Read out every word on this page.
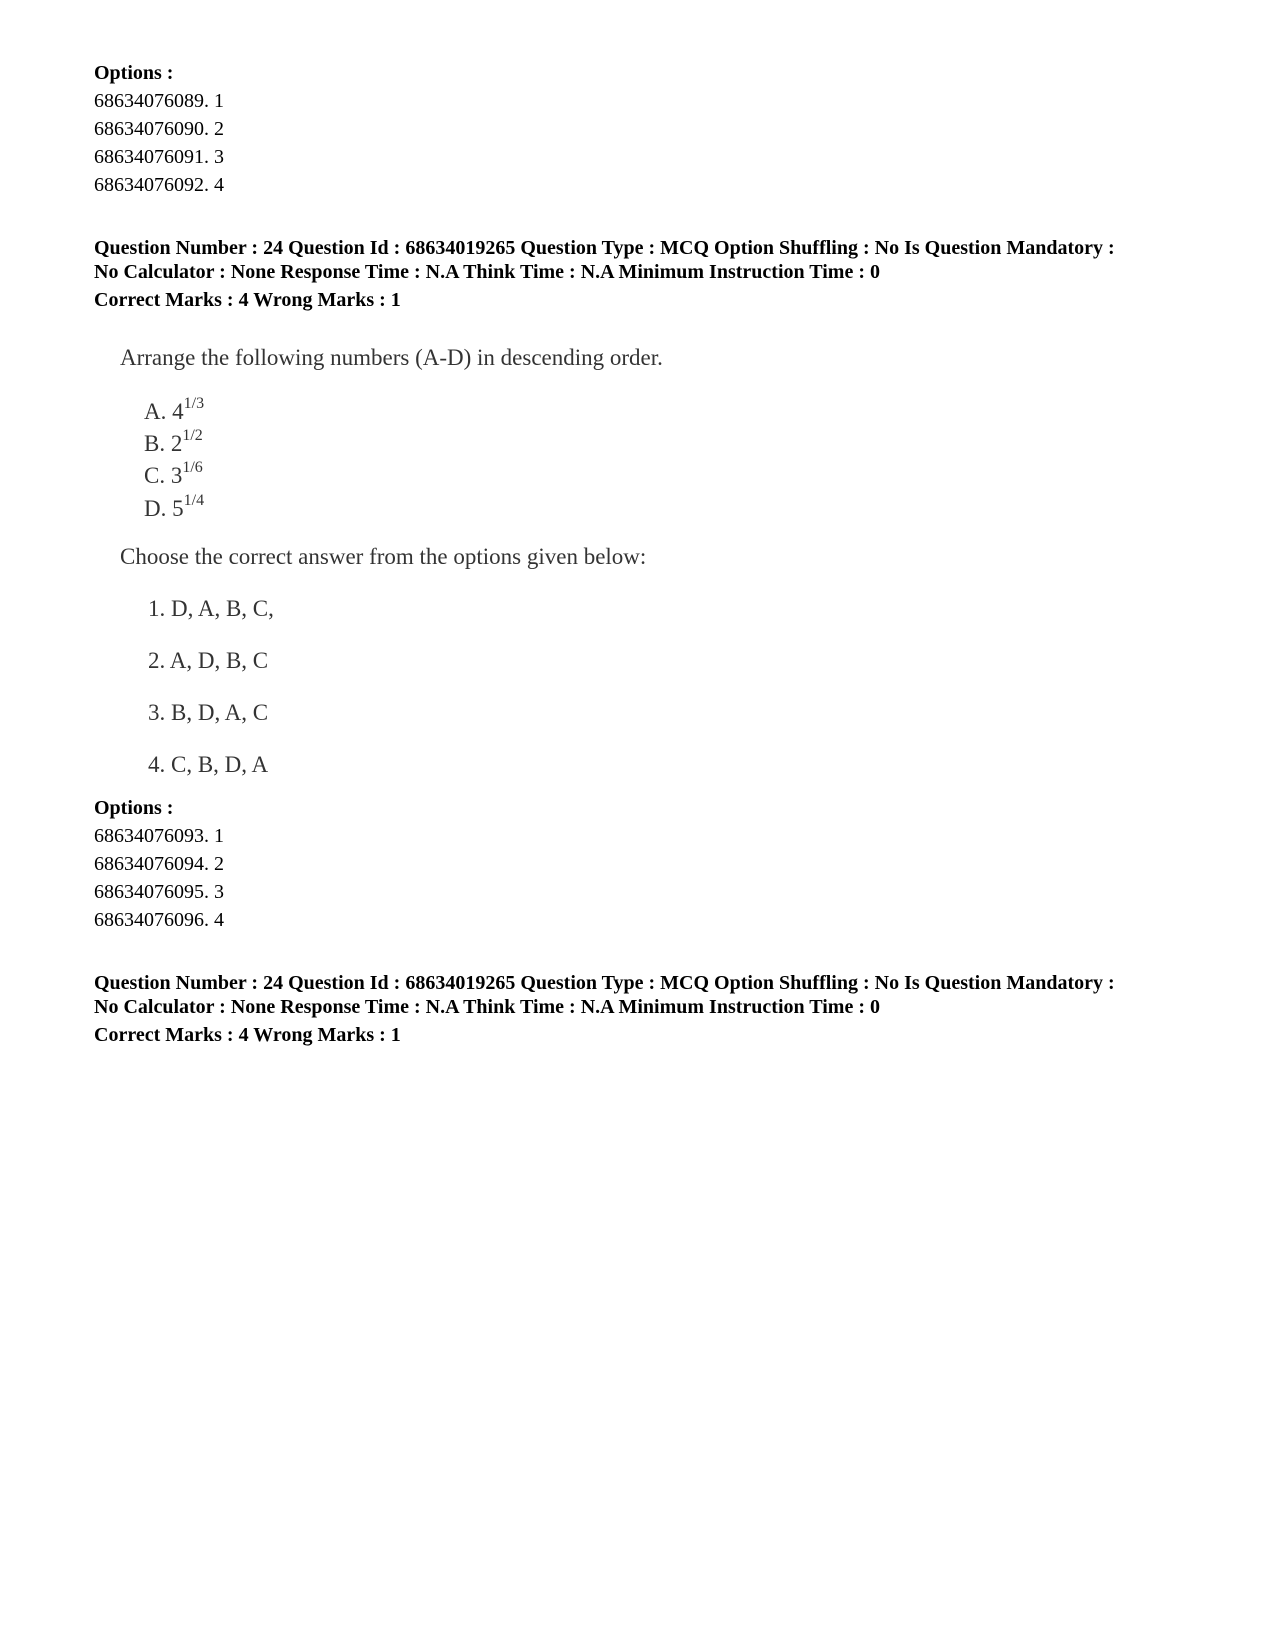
Options :
68634076089. 1
68634076090. 2
68634076091. 3
68634076092. 4
Question Number : 24 Question Id : 68634019265 Question Type : MCQ Option Shuffling : No Is Question Mandatory :
No Calculator : None Response Time : N.A Think Time : N.A Minimum Instruction Time : 0
Correct Marks : 4 Wrong Marks : 1
Arrange the following numbers (A-D) in descending order.
A. $4^{1/3}$
B. $2^{1/2}$
C. $3^{1/6}$
D. $5^{1/4}$
Choose the correct answer from the options given below:
1. D, A, B, C,
2. A, D, B, C
3. B, D, A, C
4. C, B, D, A
Options :
68634076093. 1
68634076094. 2
68634076095. 3
68634076096. 4
Question Number : 24 Question Id : 68634019265 Question Type : MCQ Option Shuffling : No Is Question Mandatory :
No Calculator : None Response Time : N.A Think Time : N.A Minimum Instruction Time : 0
Correct Marks : 4 Wrong Marks : 1
